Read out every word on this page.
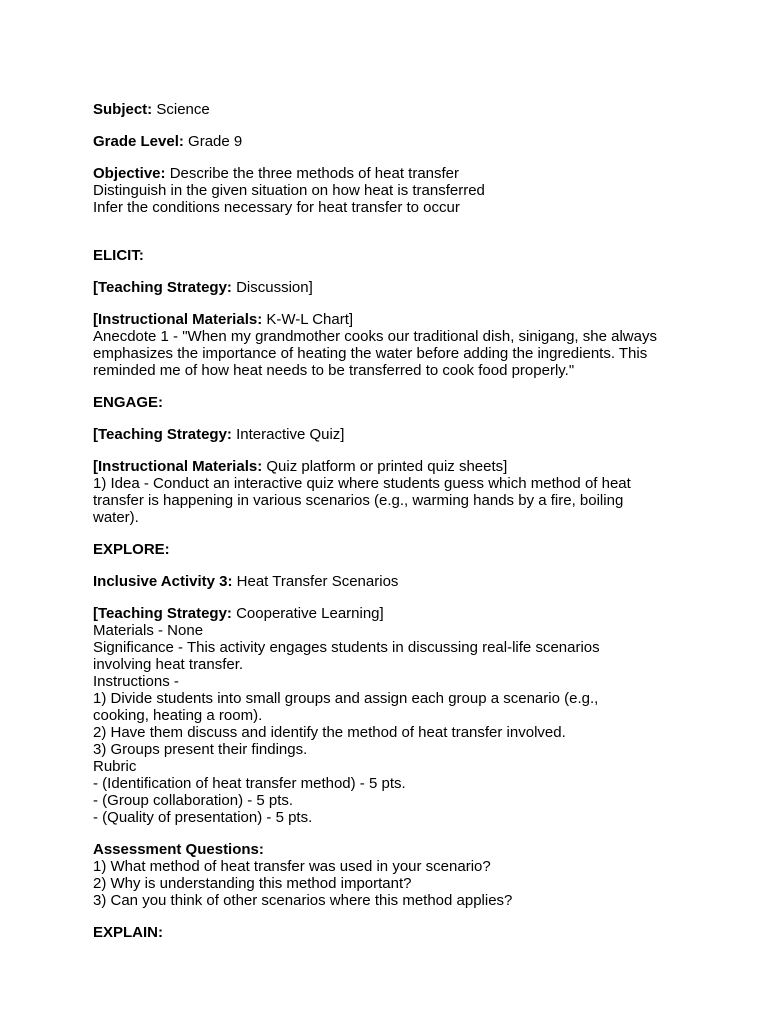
Subject: Science

Grade Level: Grade 9

Objective: Describe the three methods of heat transfer
Distinguish in the given situation on how heat is transferred
Infer the conditions necessary for heat transfer to occur

ELICIT:

[Teaching Strategy: Discussion]

[Instructional Materials: K-W-L Chart]
Anecdote 1 - "When my grandmother cooks our traditional dish, sinigang, she always
emphasizes the importance of heating the water before adding the ingredients. This
reminded me of how heat needs to be transferred to cook food properly."

ENGAGE:

[Teaching Strategy: Interactive Quiz]

[Instructional Materials: Quiz platform or printed quiz sheets]
1) Idea - Conduct an interactive quiz where students guess which method of heat
transfer is happening in various scenarios (e.g., warming hands by a fire, boiling
water).

EXPLORE:

Inclusive Activity 3: Heat Transfer Scenarios

[Teaching Strategy: Cooperative Learning]
Materials - None
Significance - This activity engages students in discussing real-life scenarios
involving heat transfer.
Instructions -
1) Divide students into small groups and assign each group a scenario (e.g.,
cooking, heating a room).
2) Have them discuss and identify the method of heat transfer involved.
3) Groups present their findings.
Rubric
- (Identification of heat transfer method) - 5 pts.
- (Group collaboration) - 5 pts.
- (Quality of presentation) - 5 pts.
Assessment Questions:
1) What method of heat transfer was used in your scenario?
2) Why is understanding this method important?
3) Can you think of other scenarios where this method applies?

EXPLAIN:
